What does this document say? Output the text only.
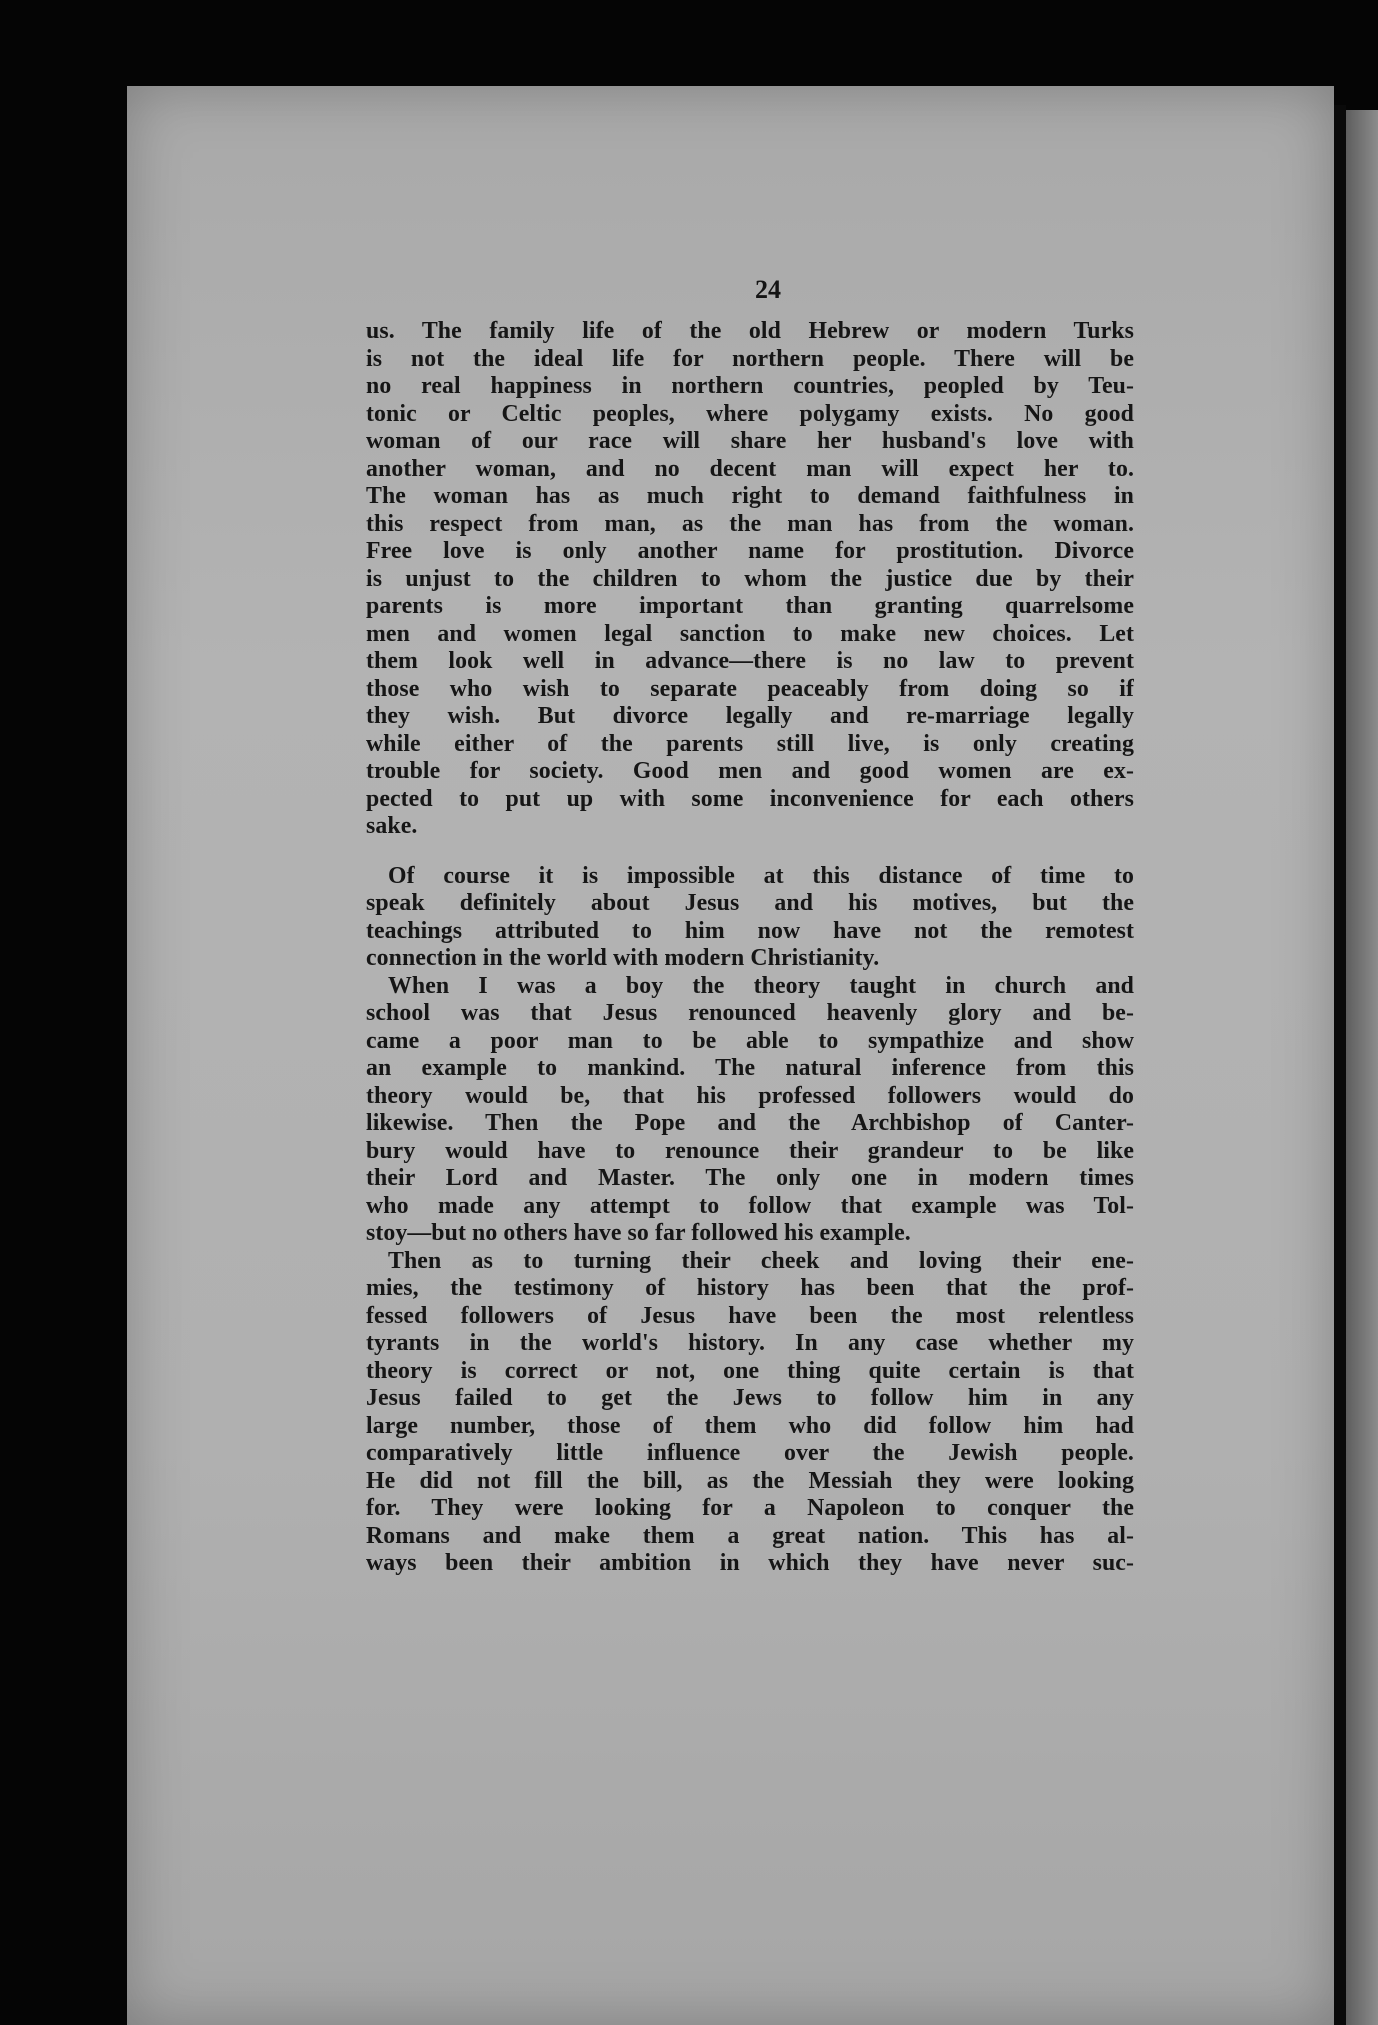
24
us. The family life of the old Hebrew or modern Turks
is not the ideal life for northern people. There will be
no real happiness in northern countries, peopled by Teu-
tonic or Celtic peoples, where polygamy exists. No good
woman of our race will share her husband's love with
another woman, and no decent man will expect her to.
The woman has as much right to demand faithfulness in
this respect from man, as the man has from the woman.
Free love is only another name for prostitution. Divorce
is unjust to the children to whom the justice due by their
parents is more important than granting quarrelsome
men and women legal sanction to make new choices. Let
them look well in advance—there is no law to prevent
those who wish to separate peaceably from doing so if
they wish. But divorce legally and re-marriage legally
while either of the parents still live, is only creating
trouble for society. Good men and good women are ex-
pected to put up with some inconvenience for each others
sake.
Of course it is impossible at this distance of time to
speak definitely about Jesus and his motives, but the
teachings attributed to him now have not the remotest
connection in the world with modern Christianity.
When I was a boy the theory taught in church and
school was that Jesus renounced heavenly glory and be-
came a poor man to be able to sympathize and show
an example to mankind. The natural inference from this
theory would be, that his professed followers would do
likewise. Then the Pope and the Archbishop of Canter-
bury would have to renounce their grandeur to be like
their Lord and Master. The only one in modern times
who made any attempt to follow that example was Tol-
stoy—but no others have so far followed his example.
Then as to turning their cheek and loving their ene-
mies, the testimony of history has been that the prof-
fessed followers of Jesus have been the most relentless
tyrants in the world's history. In any case whether my
theory is correct or not, one thing quite certain is that
Jesus failed to get the Jews to follow him in any
large number, those of them who did follow him had
comparatively little influence over the Jewish people.
He did not fill the bill, as the Messiah they were looking
for. They were looking for a Napoleon to conquer the
Romans and make them a great nation. This has al-
ways been their ambition in which they have never suc-
